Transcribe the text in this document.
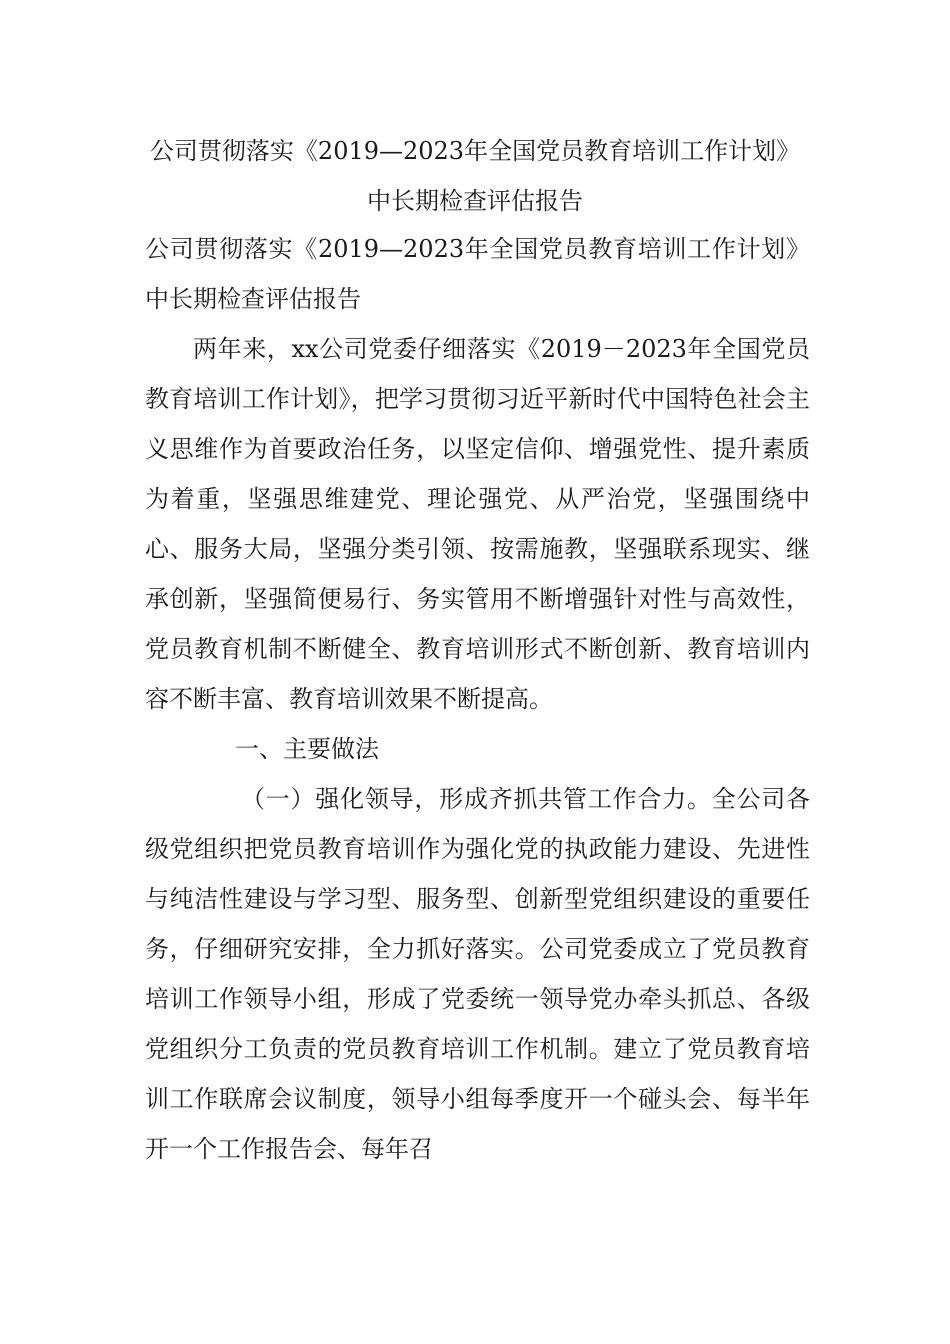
公司贯彻落实《2019—2023年全国党员教育培训工作计划》中长期检查评估报告

公司贯彻落实《2019—2023年全国党员教育培训工作计划》中长期检查评估报告

两年来，xx公司党委仔细落实《2019－2023年全国党员教育培训工作计划》，把学习贯彻习近平新时代中国特色社会主义思维作为首要政治任务，以坚定信仰、增强党性、提升素质为着重，坚强思维建党、理论强党、从严治党，坚强围绕中心、服务大局，坚强分类引领、按需施教，坚强联系现实、继承创新，坚强简便易行、务实管用不断增强针对性与高效性，党员教育机制不断健全、教育培训形式不断创新、教育培训内容不断丰富、教育培训效果不断提高。

一、主要做法

（一）强化领导，形成齐抓共管工作合力。全公司各级党组织把党员教育培训作为强化党的执政能力建设、先进性与纯洁性建设与学习型、服务型、创新型党组织建设的重要任务，仔细研究安排，全力抓好落实。公司党委成立了党员教育培训工作领导小组，形成了党委统一领导党办牵头抓总、各级党组织分工负责的党员教育培训工作机制。建立了党员教育培训工作联席会议制度，领导小组每季度开一个碰头会、每半年开一个工作报告会、每年召
